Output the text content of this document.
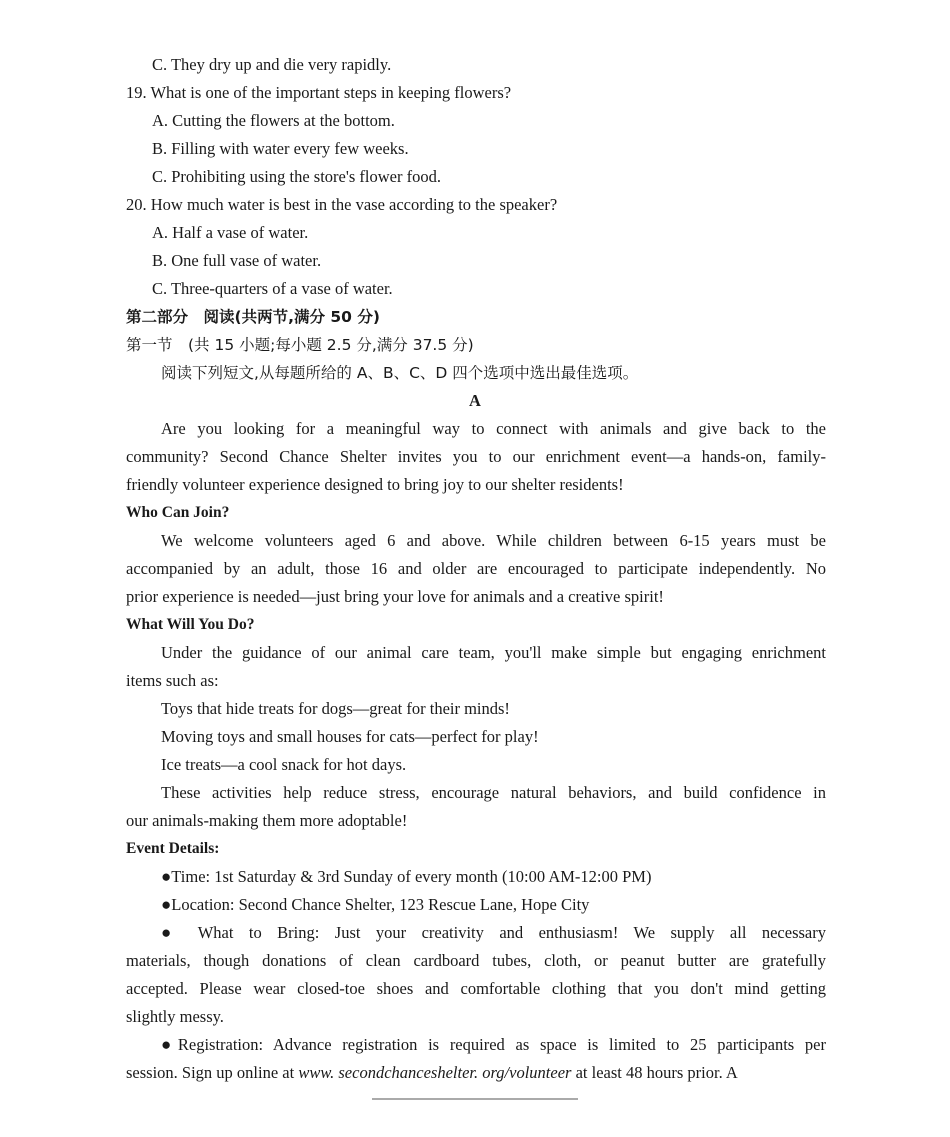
C. They dry up and die very rapidly.
19. What is one of the important steps in keeping flowers?
A. Cutting the flowers at the bottom.
B. Filling with water every few weeks.
C. Prohibiting using the store's flower food.
20. How much water is best in the vase according to the speaker?
A. Half a vase of water.
B. One full vase of water.
C. Three-quarters of a vase of water.
第二部分　阅读(共两节,满分 50 分)
第一节　(共 15 小题;每小题 2.5 分,满分 37.5 分)
阅读下列短文,从每题所给的 A、B、C、D 四个选项中选出最佳选项。
A
Are you looking for a meaningful way to connect with animals and give back to the
community? Second Chance Shelter invites you to our enrichment event—a hands-on, family-
friendly volunteer experience designed to bring joy to our shelter residents!
Who Can Join?
We welcome volunteers aged 6 and above. While children between 6-15 years must be
accompanied by an adult, those 16 and older are encouraged to participate independently. No
prior experience is needed—just bring your love for animals and a creative spirit!
What Will You Do?
Under the guidance of our animal care team, you'll make simple but engaging enrichment
items such as:
Toys that hide treats for dogs—great for their minds!
Moving toys and small houses for cats—perfect for play!
Ice treats—a cool snack for hot days.
These activities help reduce stress, encourage natural behaviors, and build confidence in
our animals-making them more adoptable!
Event Details:
●Time: 1st Saturday & 3rd Sunday of every month (10:00 AM-12:00 PM)
●Location: Second Chance Shelter, 123 Rescue Lane, Hope City
● What to Bring: Just your creativity and enthusiasm! We supply all necessary
materials, though donations of clean cardboard tubes, cloth, or peanut butter are gratefully
accepted. Please wear closed-toe shoes and comfortable clothing that you don't mind getting
slightly messy.
●Registration: Advance registration is required as space is limited to 25 participants per
session. Sign up online at www. secondchanceshelter. org/volunteer at least 48 hours prior. A
